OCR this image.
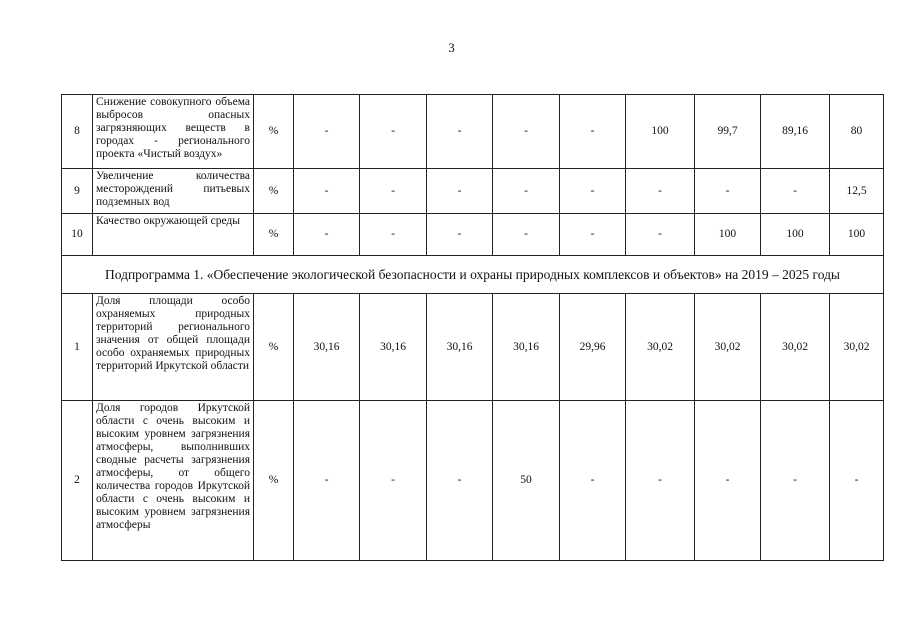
3
8	Снижение совокупного объема выбросов опасных загрязняющих веществ в городах - регионального проекта «Чистый воздух»	%	-	-	-	-	-	100	99,7	89,16	80
9	Увеличение количества месторождений питьевых подземных вод	%	-	-	-	-	-	-	-	-	12,5
10	Качество окружающей среды	%	-	-	-	-	-	-	100	100	100
Подпрограмма 1. «Обеспечение экологической безопасности и охраны природных комплексов и объектов» на 2019 – 2025 годы											
1	Доля площади особо охраняемых природных территорий регионального значения от общей площади особо охраняемых природных территорий Иркутской области	%	30,16	30,16	30,16	30,16	29,96	30,02	30,02	30,02	30,02
2	Доля городов Иркутской области с очень высоким и высоким уровнем загрязнения атмосферы, выполнивших сводные расчеты загрязнения атмосферы, от общего количества городов Иркутской области с очень высоким и высоким уровнем загрязнения атмосферы	%	-	-	-	50	-	-	-	-	-
